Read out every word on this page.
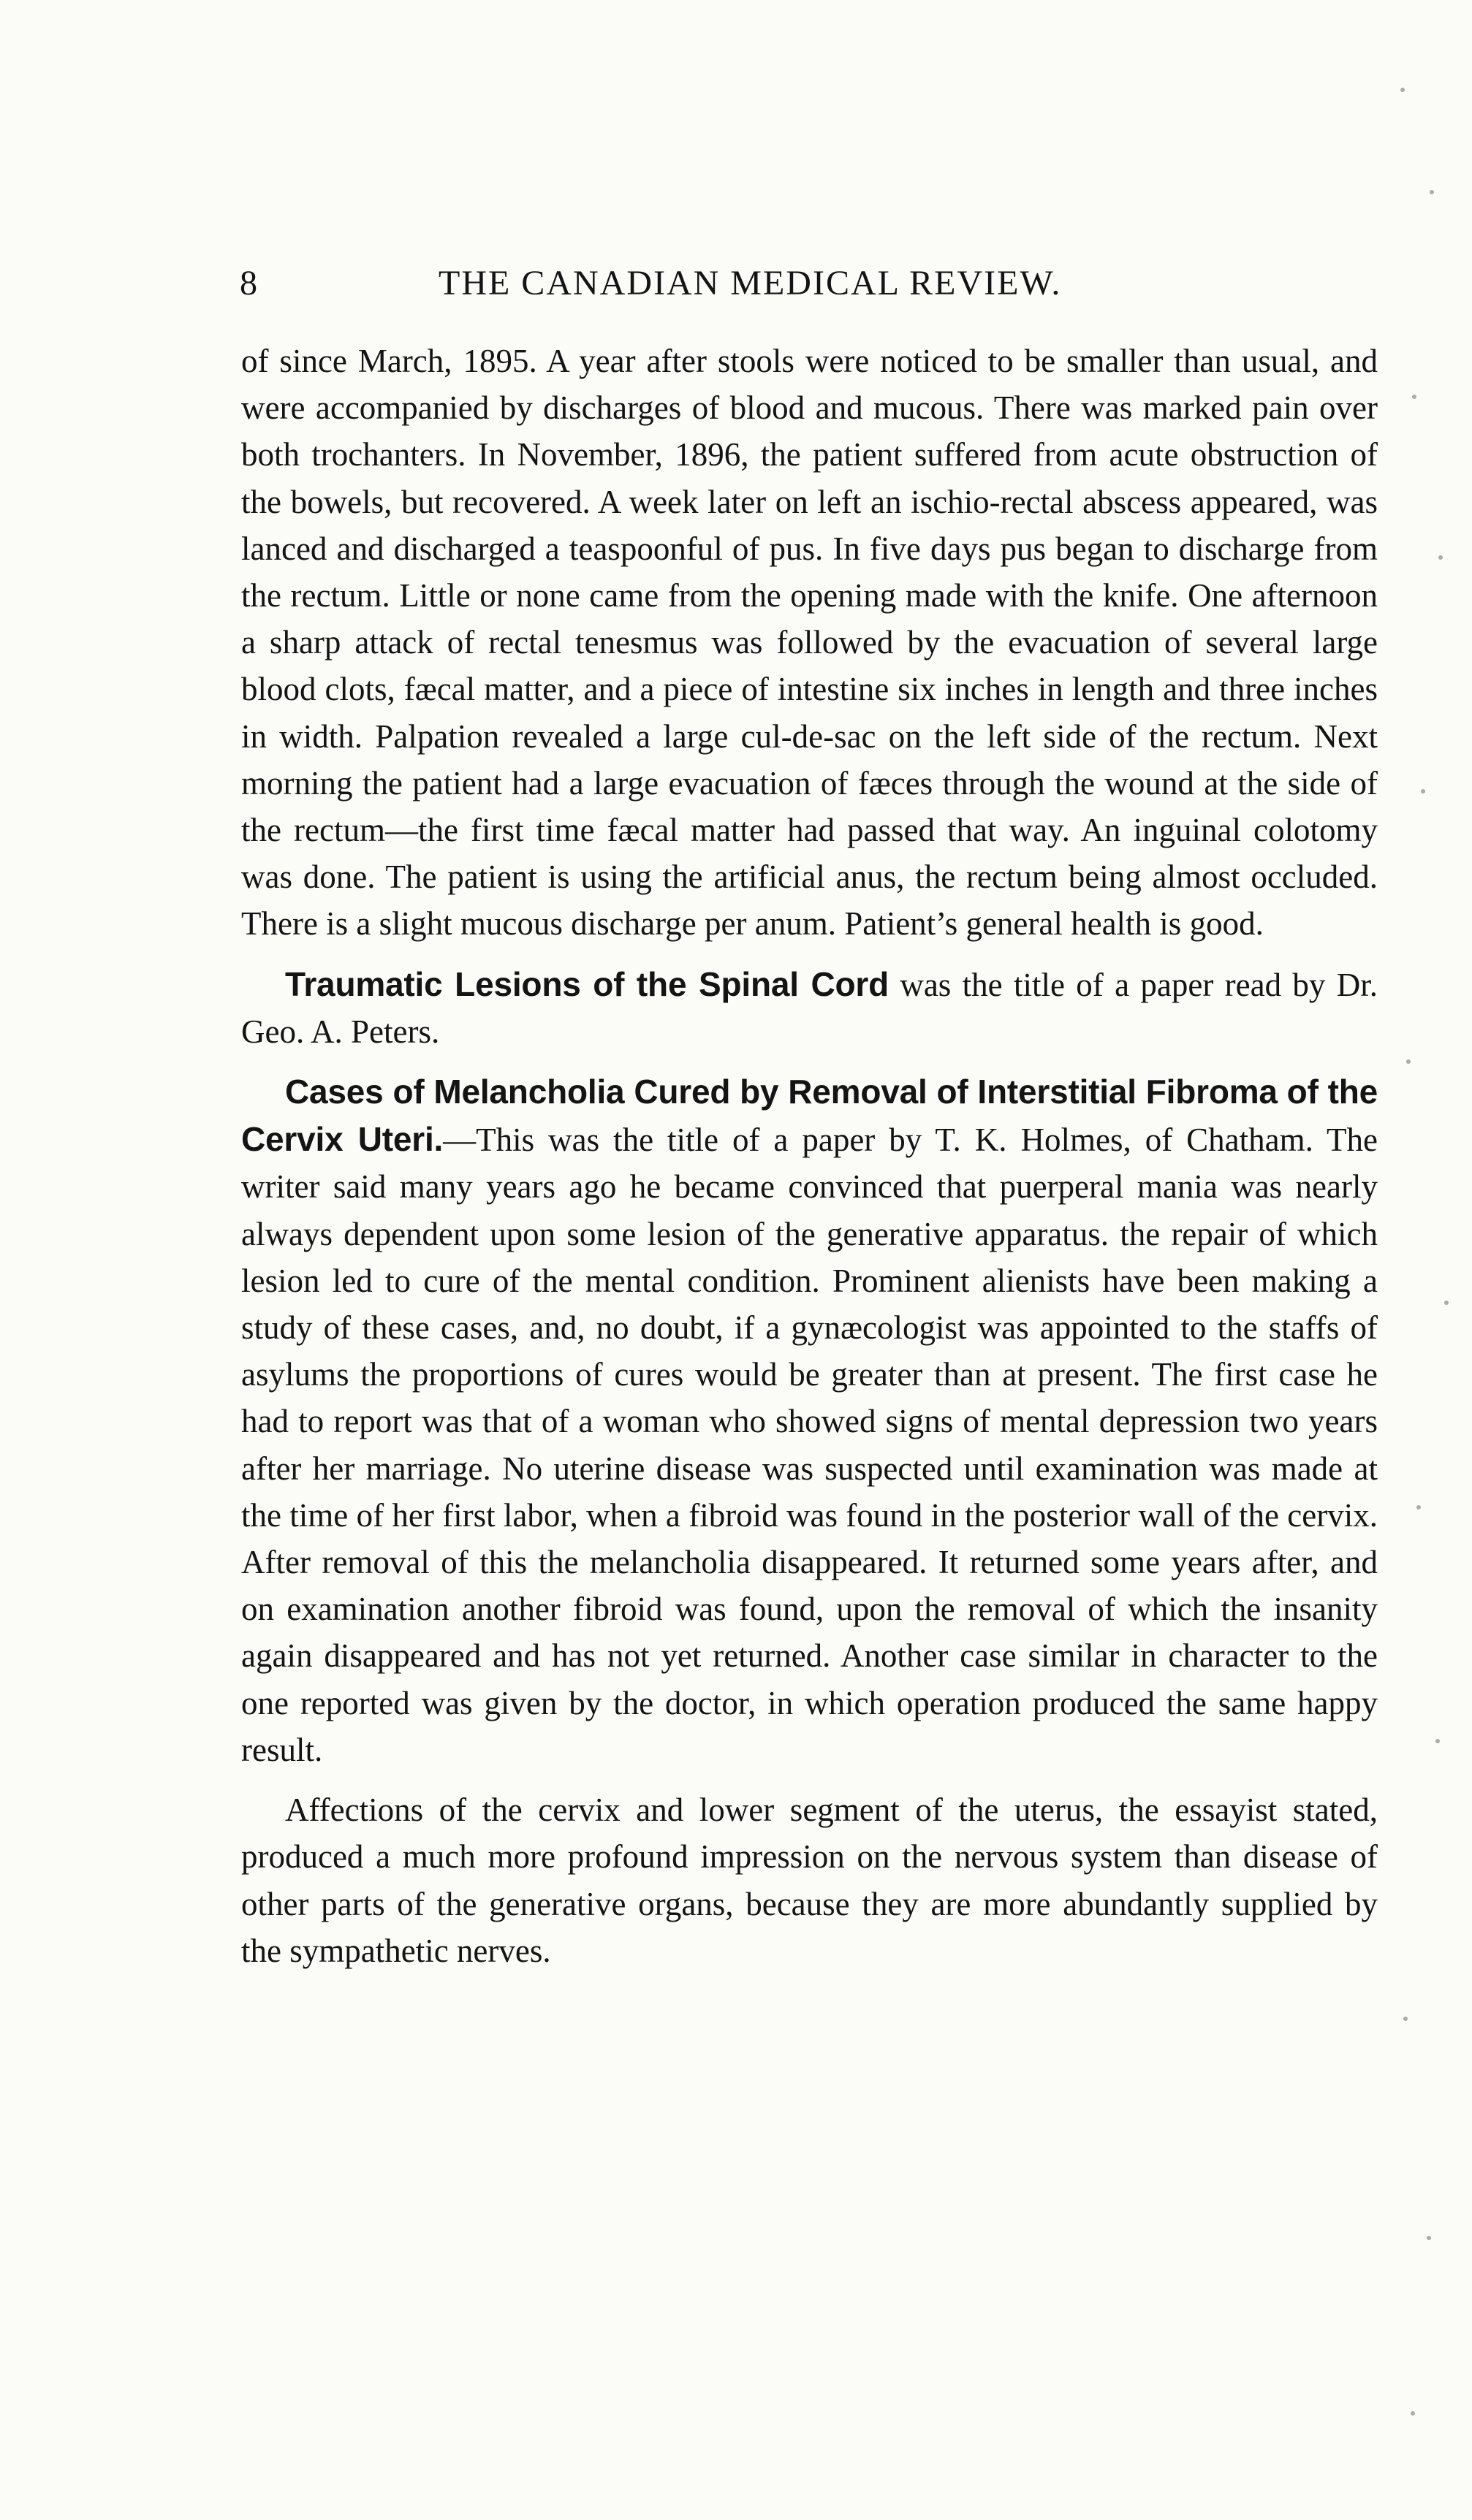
8	THE CANADIAN MEDICAL REVIEW.

of since March, 1895. A year after stools were noticed to be smaller than usual, and were accompanied by discharges of blood and mucous. There was marked pain over both trochanters. In November, 1896, the patient suffered from acute obstruction of the bowels, but recovered. A week later on left an ischio-rectal abscess appeared, was lanced and discharged a teaspoonful of pus. In five days pus began to discharge from the rectum. Little or none came from the opening made with the knife. One afternoon a sharp attack of rectal tenesmus was followed by the evacuation of several large blood clots, fæcal matter, and a piece of intestine six inches in length and three inches in width. Palpation revealed a large cul-de-sac on the left side of the rectum. Next morning the patient had a large evacuation of fæces through the wound at the side of the rectum—the first time fæcal matter had passed that way. An inguinal colotomy was done. The patient is using the artificial anus, the rectum being almost occluded. There is a slight mucous discharge per anum. Patient’s general health is good.

Traumatic Lesions of the Spinal Cord was the title of a paper read by Dr. Geo. A. Peters.

Cases of Melancholia Cured by Removal of Interstitial Fibroma of the Cervix Uteri.—This was the title of a paper by T. K. Holmes, of Chatham. The writer said many years ago he became convinced that puerperal mania was nearly always dependent upon some lesion of the generative apparatus. the repair of which lesion led to cure of the mental condition. Prominent alienists have been making a study of these cases, and, no doubt, if a gynæcologist was appointed to the staffs of asylums the proportions of cures would be greater than at present. The first case he had to report was that of a woman who showed signs of mental depression two years after her marriage. No uterine disease was suspected until examination was made at the time of her first labor, when a fibroid was found in the posterior wall of the cervix. After removal of this the melancholia disappeared. It returned some years after, and on examination another fibroid was found, upon the removal of which the insanity again disappeared and has not yet returned. Another case similar in character to the one reported was given by the doctor, in which operation produced the same happy result.

Affections of the cervix and lower segment of the uterus, the essayist stated, produced a much more profound impression on the nervous system than disease of other parts of the generative organs, because they are more abundantly supplied by the sympathetic nerves.
